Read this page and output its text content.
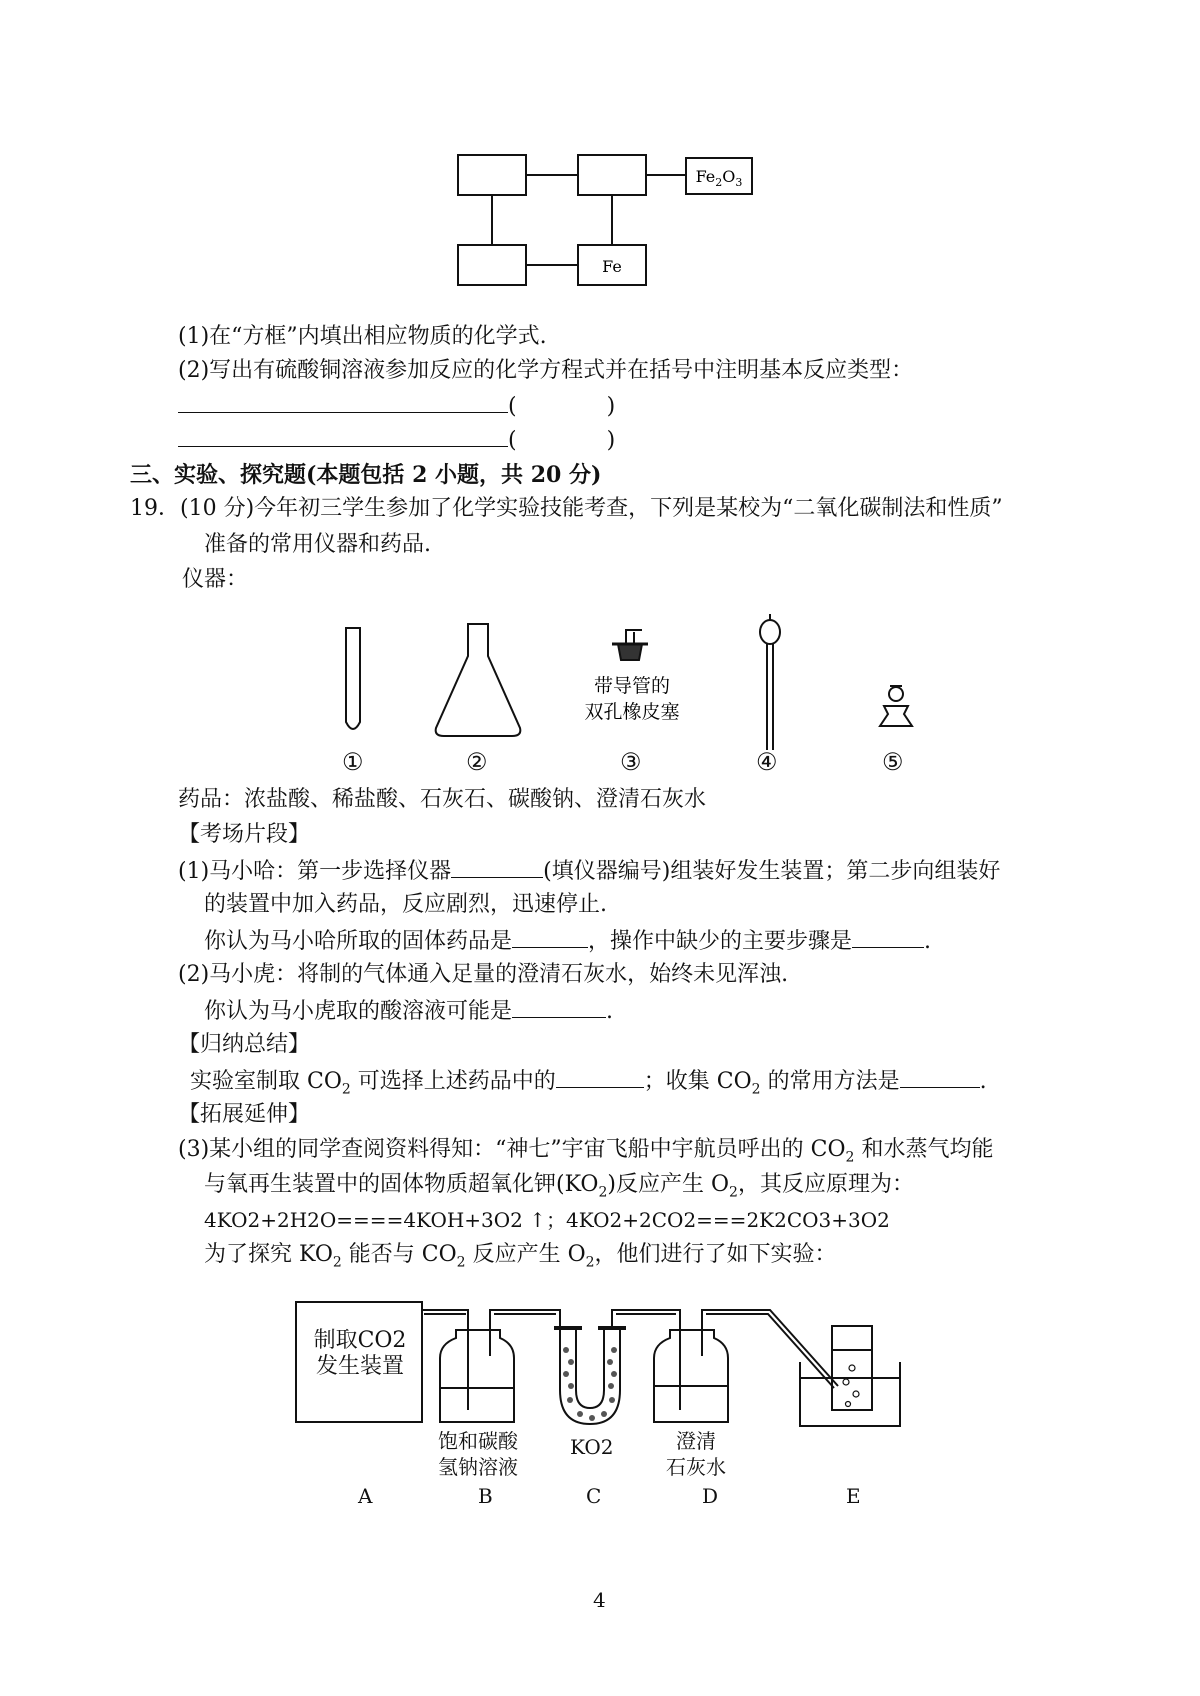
$Fe_2O_3$
Fe
(1)在“方框”内填出相应物质的化学式.
(2)写出有硫酸铜溶液参加反应的化学方程式并在括号中注明基本反应类型：
(	)
(	)
三、实验、探究题(本题包括 2 小题，共 20 分)
19．(10 分)今年初三学生参加了化学实验技能考查，下列是某校为“二氧化碳制法和性质”
准备的常用仪器和药品.
仪器：
带导管的
双孔橡皮塞
①	②	③	④	⑤
药品：浓盐酸、稀盐酸、石灰石、碳酸钠、澄清石灰水
【考场片段】
(1)马小哈：第一步选择仪器	(填仪器编号)组装好发生装置；第二步向组装好
的装置中加入药品，反应剧烈，迅速停止.
你认为马小哈所取的固体药品是	，操作中缺少的主要步骤是	.
(2)马小虎：将制的气体通入足量的澄清石灰水，始终未见浑浊.
你认为马小虎取的酸溶液可能是	.
【归纳总结】
实验室制取 $CO_2$ 可选择上述药品中的	；收集 $CO_2$ 的常用方法是	.
【拓展延伸】
(3)某小组的同学查阅资料得知：“神七”宇宙飞船中宇航员呼出的 $CO_2$ 和水蒸气均能
与氧再生装置中的固体物质超氧化钾$(KO_2)$反应产生 $O_2$，其反应原理为：
4KO2+2H2O====4KOH+3O2 ↑；4KO2+2CO2===2K2CO3+3O2
为了探究 $KO_2$ 能否与 $CO_2$ 反应产生 $O_2$，他们进行了如下实验：
制取CO2
发生装置
饱和碳酸
氢钠溶液
KO2	澄清
石灰水
A	B	C	D	E
4
